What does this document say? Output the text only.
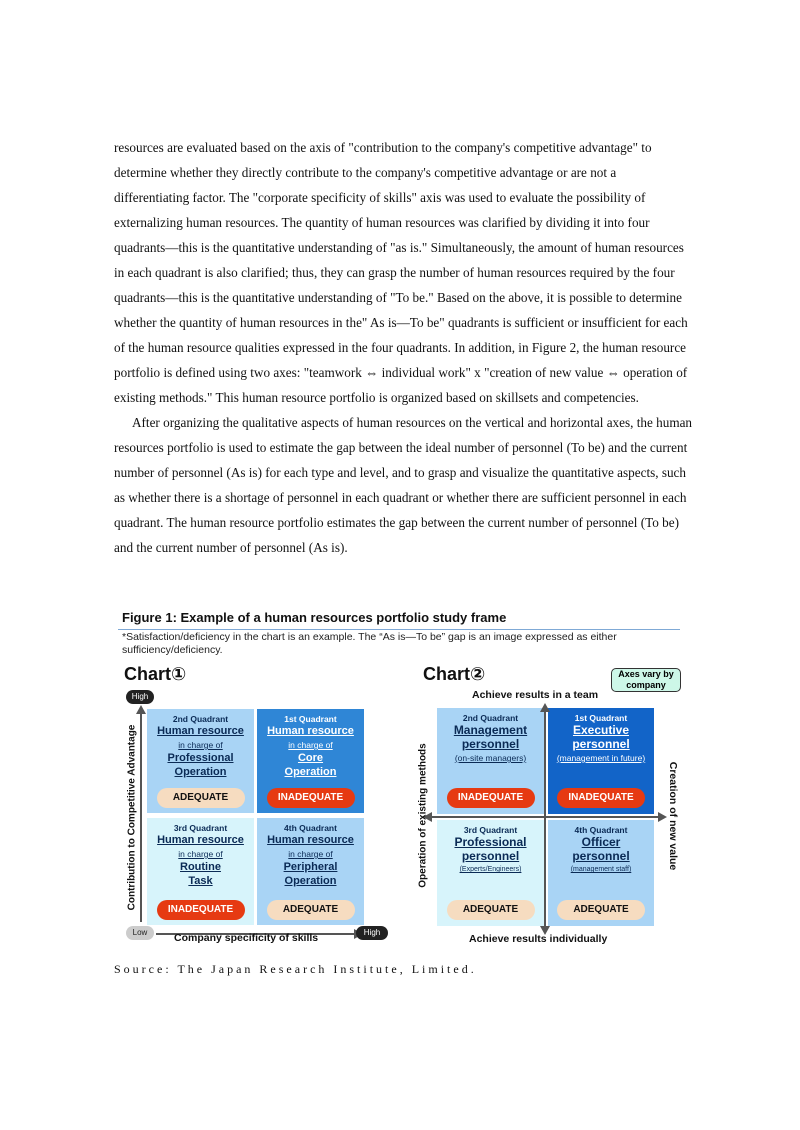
resources are evaluated based on the axis of "contribution to the company's competitive advantage" to determine whether they directly contribute to the company's competitive advantage or are not a differentiating factor. The "corporate specificity of skills" axis was used to evaluate the possibility of externalizing human resources. The quantity of human resources was clarified by dividing it into four quadrants—this is the quantitative understanding of "as is." Simultaneously, the amount of human resources in each quadrant is also clarified; thus, they can grasp the number of human resources required by the four quadrants—this is the quantitative understanding of "To be." Based on the above, it is possible to determine whether the quantity of human resources in the" As is—To be" quadrants is sufficient or insufficient for each of the human resource qualities expressed in the four quadrants. In addition, in Figure 2, the human resource portfolio is defined using two axes: "teamwork ⇔ individual work" x "creation of new value ⇔ operation of existing methods." This human resource portfolio is organized based on skillsets and competencies.

After organizing the qualitative aspects of human resources on the vertical and horizontal axes, the human resources portfolio is used to estimate the gap between the ideal number of personnel (To be) and the current number of personnel (As is) for each type and level, and to grasp and visualize the quantitative aspects, such as whether there is a shortage of personnel in each quadrant or whether there are sufficient personnel in each quadrant. The human resource portfolio estimates the gap between the current number of personnel (To be) and the current number of personnel (As is).

Figure 1: Example of a human resources portfolio study frame
*Satisfaction/deficiency in the chart is an example. The “As is—To be” gap is an image expressed as either sufficiency/deficiency.
Chart①
High
Contribution to Competitive Advantage
2nd Quadrant
Human resource
in charge of
Professional
Operation
ADEQUATE
1st Quadrant
Human resource
in charge of
Core
Operation
INADEQUATE
3rd Quadrant
Human resource
in charge of
Routine
Task
INADEQUATE
4th Quadrant
Human resource
in charge of
Peripheral
Operation
ADEQUATE
Low	Company specificity of skills	High
Chart②	Axes vary by company
Achieve results in a team
2nd Quadrant
Management
personnel
(on-site managers)
INADEQUATE
1st Quadrant
Executive
personnel
(management in future)
INADEQUATE
3rd Quadrant
Professional
personnel
(Experts/Engineers)
ADEQUATE
4th Quadrant
Officer
personnel
(management staff)
ADEQUATE
Operation of existing methods	Creation of new value
Achieve results individually
Source: The Japan Research Institute, Limited.
